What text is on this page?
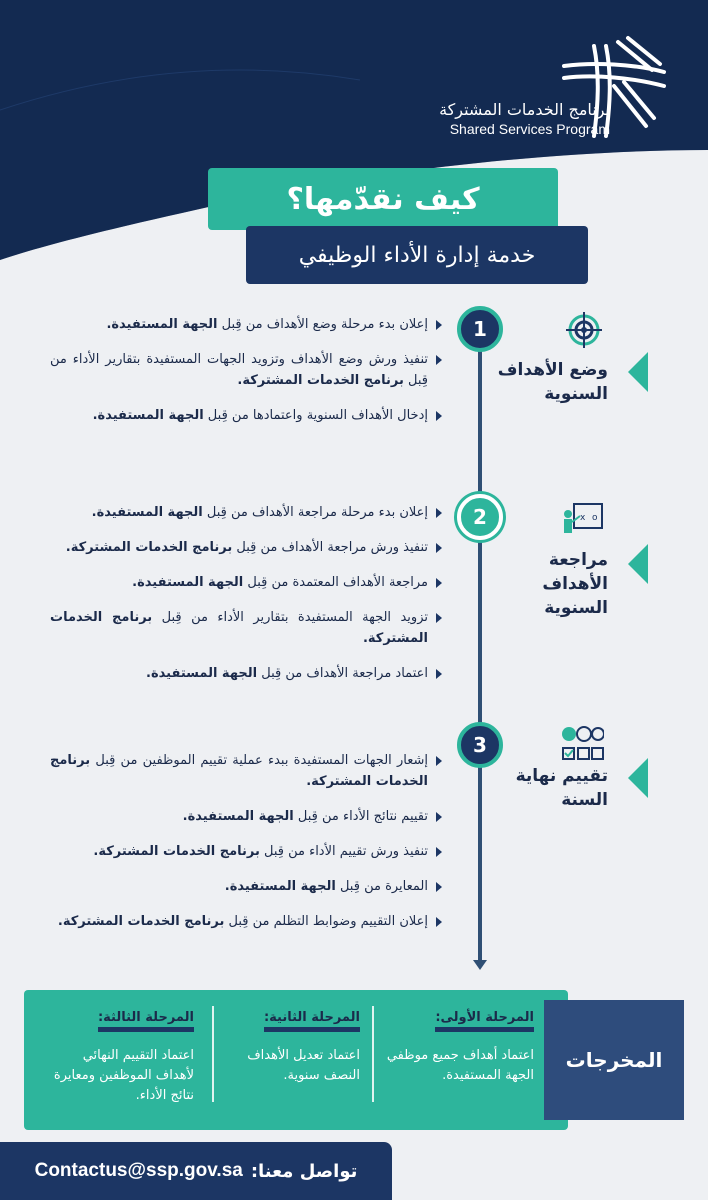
برنامج الخدمات المشتركة
Shared Services Program
كيف نقدّمها؟
خدمة إدارة الأداء الوظيفي
1
وضع الأهداف السنوية
إعلان بدء مرحلة وضع الأهداف من قِبل الجهة المستفيدة.
تنفيذ ورش وضع الأهداف وتزويد الجهات المستفيدة بتقارير الأداء من قِبل برنامج الخدمات المشتركة.
إدخال الأهداف السنوية واعتمادها من قِبل الجهة المستفيدة.
2	x o
مراجعة الأهداف السنوية
إعلان بدء مرحلة مراجعة الأهداف من قِبل الجهة المستفيدة.
تنفيذ ورش مراجعة الأهداف من قِبل برنامج الخدمات المشتركة.
مراجعة الأهداف المعتمدة من قِبل الجهة المستفيدة.
تزويد الجهة المستفيدة بتقارير الأداء من قِبل برنامج الخدمات المشتركة.
اعتماد مراجعة الأهداف من قِبل الجهة المستفيدة.
3
تقييم نهاية السنة
إشعار الجهات المستفيدة ببدء عملية تقييم الموظفين من قِبل برنامج الخدمات المشتركة.
تقييم نتائج الأداء من قِبل الجهة المستفيدة.
تنفيذ ورش تقييم الأداء من قِبل برنامج الخدمات المشتركة.
المعايرة من قِبل الجهة المستفيدة.
إعلان التقييم وضوابط التظلم من قِبل برنامج الخدمات المشتركة.
المخرجات
المرحلة الأولى:
اعتماد أهداف جميع موظفي الجهة المستفيدة.
المرحلة الثانية:
اعتماد تعديل الأهداف النصف سنوية.
المرحلة الثالثة:
اعتماد التقييم النهائي لأهداف الموظفين ومعايرة نتائج الأداء.
تواصل معنا:
Contactus@ssp.gov.sa
